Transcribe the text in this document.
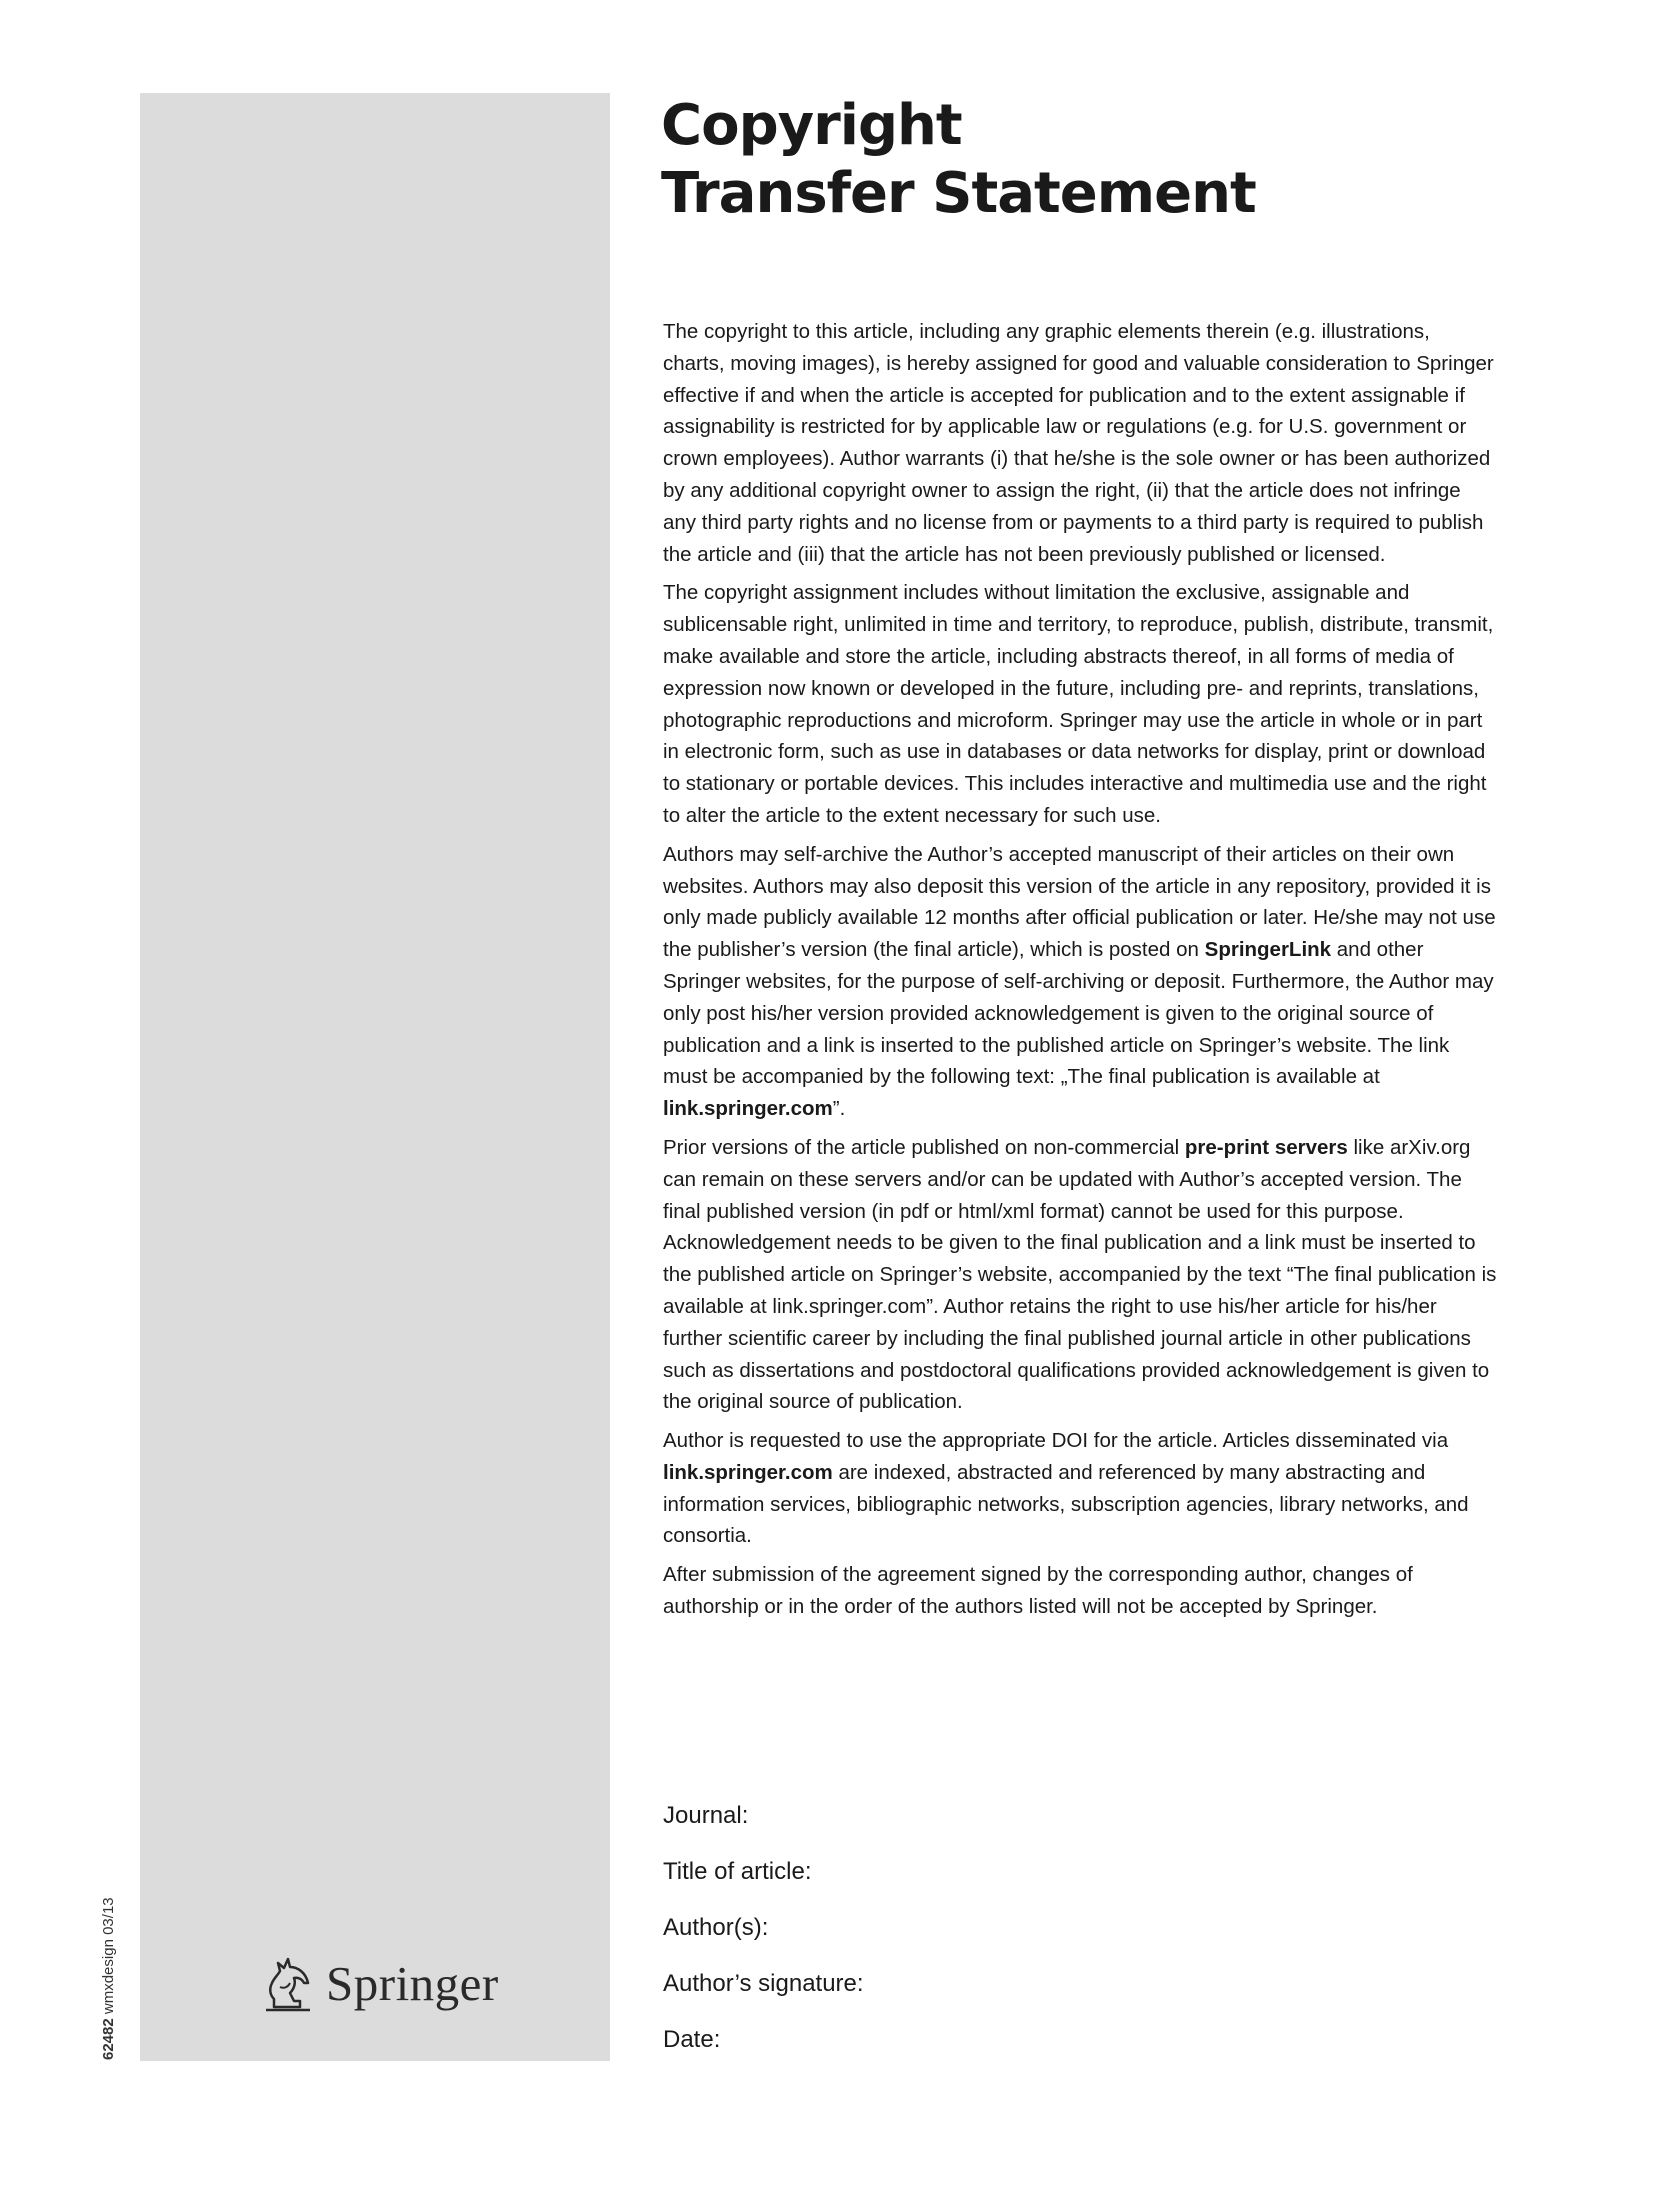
Springer
62482 wmxdesign 03/13
Copyright
Transfer Statement

The copyright to this article, including any graphic elements therein (e.g. illustrations, charts, moving images), is hereby assigned for good and valuable consideration to Springer effective if and when the article is accepted for publication and to the extent assignable if assignability is restricted for by applicable law or regulations (e.g. for U.S. government or crown employees). Author warrants (i) that he/she is the sole owner or has been authorized by any additional copyright owner to assign the right, (ii) that the article does not infringe any third party rights and no license from or payments to a third party is required to publish the article and (iii) that the article has not been previously published or licensed.

The copyright assignment includes without limitation the exclusive, assignable and sublicensable right, unlimited in time and territory, to reproduce, publish, distribute, transmit, make available and store the article, including abstracts thereof, in all forms of media of expression now known or developed in the future, including pre- and reprints, translations, photographic reproductions and microform. Springer may use the article in whole or in part in electronic form, such as use in databases or data networks for display, print or download to stationary or portable devices. This includes interactive and multimedia use and the right to alter the article to the extent necessary for such use.

Authors may self-archive the Author’s accepted manuscript of their articles on their own websites. Authors may also deposit this version of the article in any repository, provided it is only made publicly available 12 months after official publication or later. He/she may not use the publisher’s version (the final article), which is posted on SpringerLink and other Springer websites, for the purpose of self-archiving or deposit. Furthermore, the Author may only post his/her version provided acknowledgement is given to the original source of publication and a link is inserted to the published article on Springer’s website. The link must be accompanied by the following text: „The final publication is available at link.springer.com”.

Prior versions of the article published on non-commercial pre-print servers like arXiv.org can remain on these servers and/or can be updated with Author’s accepted version. The final published version (in pdf or html/xml format) cannot be used for this purpose. Acknowledgement needs to be given to the final publication and a link must be inserted to the published article on Springer’s website, accompanied by the text “The final publication is available at link.springer.com”. Author retains the right to use his/her article for his/her further scientific career by including the final published journal article in other publications such as dissertations and postdoctoral qualifications provided acknowledgement is given to the original source of publication.

Author is requested to use the appropriate DOI for the article. Articles disseminated via link.springer.com are indexed, abstracted and referenced by many abstracting and information services, bibliographic networks, subscription agencies, library networks, and consortia.

After submission of the agreement signed by the corresponding author, changes of authorship or in the order of the authors listed will not be accepted by Springer.

Journal:
Title of article:
Author(s):
Author’s signature:
Date:
